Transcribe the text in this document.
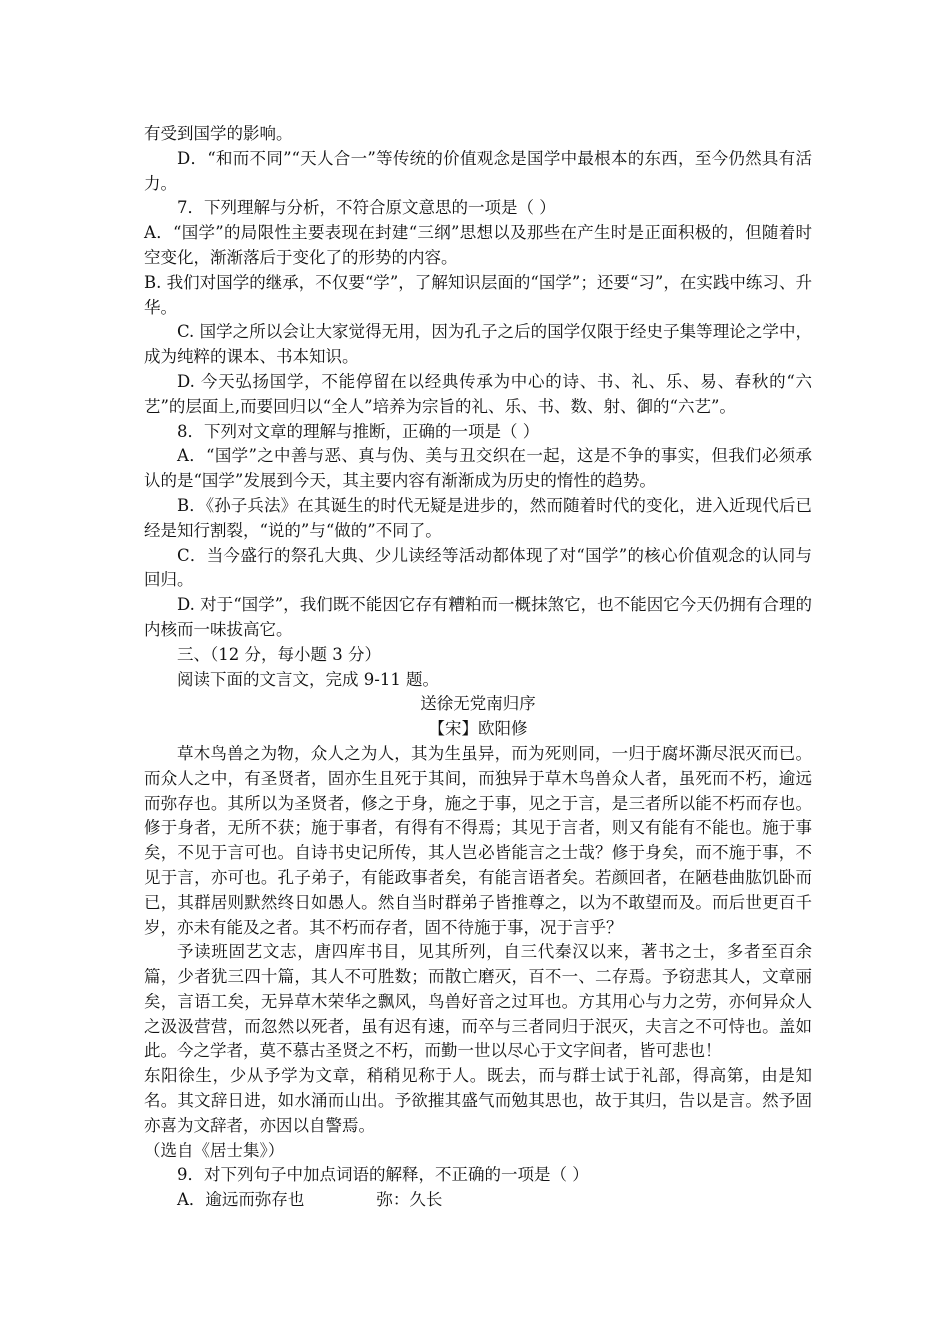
有受到国学的影响。

D．“和而不同”“天人合一”等传统的价值观念是国学中最根本的东西，至今仍然具有活力。

7．下列理解与分析，不符合原文意思的一项是（ ）

A．“国学”的局限性主要表现在封建“三纲”思想以及那些在产生时是正面积极的，但随着时空变化，渐渐落后于变化了的形势的内容。

B. 我们对国学的继承，不仅要“学”，了解知识层面的“国学”；还要“习”，在实践中练习、升华。

C. 国学之所以会让大家觉得无用，因为孔子之后的国学仅限于经史子集等理论之学中，成为纯粹的课本、书本知识。

D. 今天弘扬国学，不能停留在以经典传承为中心的诗、书、礼、乐、易、春秋的“六艺”的层面上,而要回归以“全人”培养为宗旨的礼、乐、书、数、射、御的“六艺”。

8．下列对文章的理解与推断，正确的一项是（ ）

A．“国学”之中善与恶、真与伪、美与丑交织在一起，这是不争的事实，但我们必须承认的是“国学”发展到今天，其主要内容有渐渐成为历史的惰性的趋势。

B．《孙子兵法》在其诞生的时代无疑是进步的，然而随着时代的变化，进入近现代后已经是知行割裂，“说的”与“做的”不同了。

C．当今盛行的祭孔大典、少儿读经等活动都体现了对“国学”的核心价值观念的认同与回归。

D. 对于“国学”，我们既不能因它存有糟粕而一概抹煞它，也不能因它今天仍拥有合理的内核而一味拔高它。

三、（12 分，每小题 3 分）

阅读下面的文言文，完成 9-11 题。

送徐无党南归序

【宋】欧阳修

草木鸟兽之为物，众人之为人，其为生虽异，而为死则同，一归于腐坏澌尽泯灭而已。而众人之中，有圣贤者，固亦生且死于其间，而独异于草木鸟兽众人者，虽死而不朽，逾远而弥存也。其所以为圣贤者，修之于身，施之于事，见之于言，是三者所以能不朽而存也。修于身者，无所不获；施于事者，有得有不得焉；其见于言者，则又有能有不能也。施于事矣，不见于言可也。自诗书史记所传，其人岂必皆能言之士哉？修于身矣，而不施于事，不见于言，亦可也。孔子弟子，有能政事者矣，有能言语者矣。若颜回者，在陋巷曲肱饥卧而已，其群居则默然终日如愚人。然自当时群弟子皆推尊之，以为不敢望而及。而后世更百千岁，亦未有能及之者。其不朽而存者，固不待施于事，况于言乎？

予读班固艺文志，唐四库书目，见其所列，自三代秦汉以来，著书之士，多者至百余篇，少者犹三四十篇，其人不可胜数；而散亡磨灭，百不一、二存焉。予窃悲其人，文章丽矣，言语工矣，无异草木荣华之飘风，鸟兽好音之过耳也。方其用心与力之劳，亦何异众人之汲汲营营，而忽然以死者，虽有迟有速，而卒与三者同归于泯灭，夫言之不可恃也。盖如此。今之学者，莫不慕古圣贤之不朽，而勤一世以尽心于文字间者，皆可悲也！

东阳徐生，少从予学为文章，稍稍见称于人。既去，而与群士试于礼部，得高第，由是知名。其文辞日进，如水涌而山出。予欲摧其盛气而勉其思也，故于其归，告以是言。然予固亦喜为文辞者，亦因以自警焉。

（选自《居士集》）

9．对下列句子中加点词语的解释，不正确的一项是（ ）

A．逾远而弥存也	弥：久长
